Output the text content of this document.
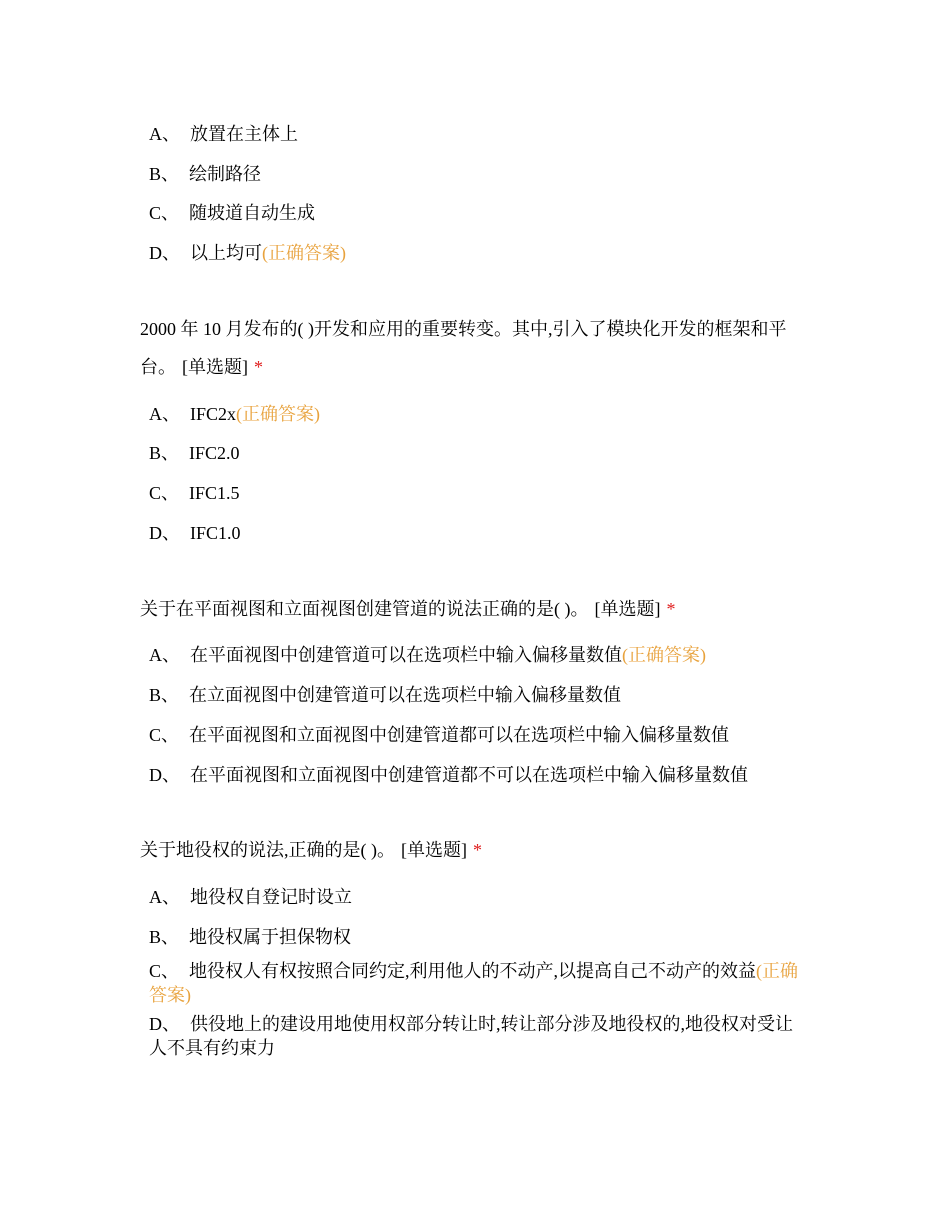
A、 放置在主体上
B、 绘制路径
C、 随坡道自动生成
D、 以上均可(正确答案)
2000 年 10 月发布的( )开发和应用的重要转变。其中,引入了模块化开发的框架和平台。 [单选题] *
A、 IFC2x(正确答案)
B、 IFC2.0
C、 IFC1.5
D、 IFC1.0
关于在平面视图和立面视图创建管道的说法正确的是( )。 [单选题] *
A、 在平面视图中创建管道可以在选项栏中输入偏移量数值(正确答案)
B、 在立面视图中创建管道可以在选项栏中输入偏移量数值
C、 在平面视图和立面视图中创建管道都可以在选项栏中输入偏移量数值
D、 在平面视图和立面视图中创建管道都不可以在选项栏中输入偏移量数值
关于地役权的说法,正确的是( )。 [单选题] *
A、 地役权自登记时设立
B、 地役权属于担保物权
C、 地役权人有权按照合同约定,利用他人的不动产,以提高自己不动产的效益(正确答案)
D、 供役地上的建设用地使用权部分转让时,转让部分涉及地役权的,地役权对受让人不具有约束力
